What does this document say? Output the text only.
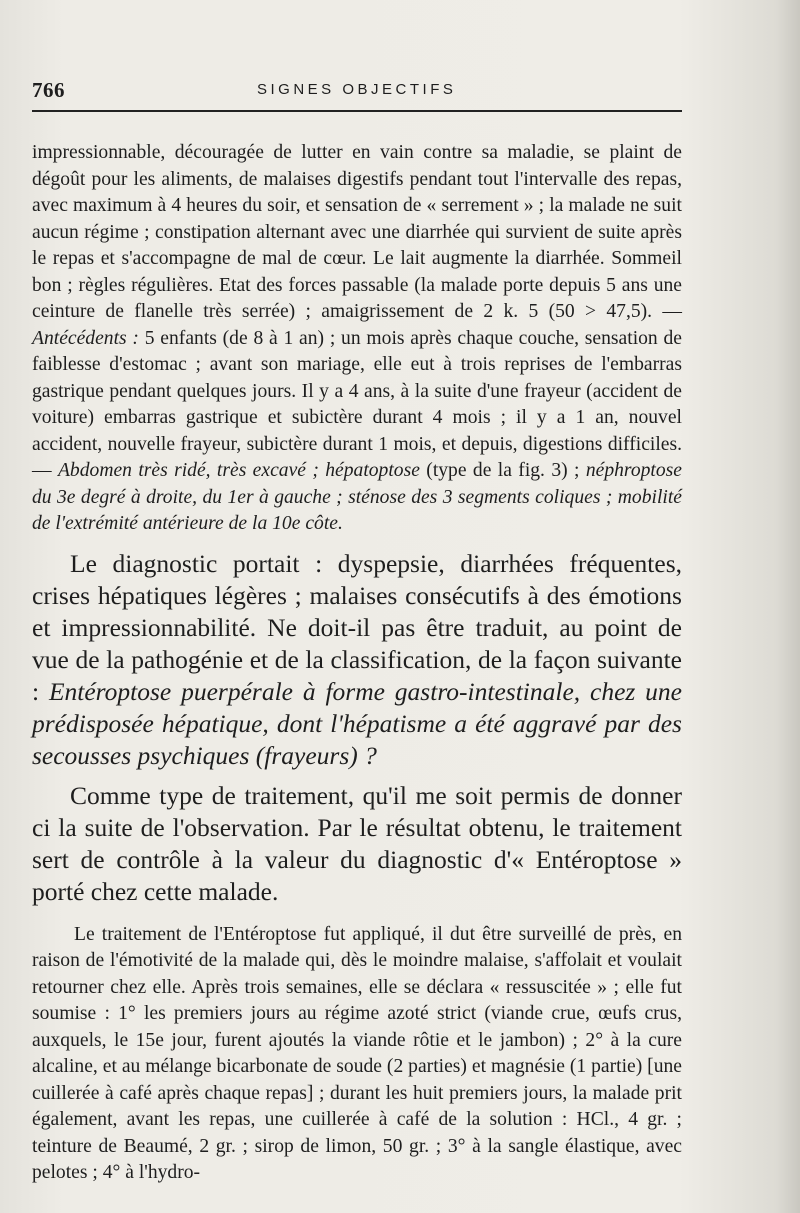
766	SIGNES OBJECTIFS

impressionnable, découragée de lutter en vain contre sa maladie, se plaint de dégoût pour les aliments, de malaises digestifs pendant tout l'intervalle des repas, avec maximum à 4 heures du soir, et sensation de « serrement » ; la malade ne suit aucun régime ; constipation alternant avec une diarrhée qui survient de suite après le repas et s'accompagne de mal de cœur. Le lait augmente la diarrhée. Sommeil bon ; règles régulières. Etat des forces passable (la malade porte depuis 5 ans une ceinture de flanelle très serrée) ; amaigrissement de 2 k. 5 (50 > 47,5). — Antécédents : 5 enfants (de 8 à 1 an) ; un mois après chaque couche, sensation de faiblesse d'estomac ; avant son mariage, elle eut à trois reprises de l'embarras gastrique pendant quelques jours. Il y a 4 ans, à la suite d'une frayeur (accident de voiture) embarras gastrique et subictère durant 4 mois ; il y a 1 an, nouvel accident, nouvelle frayeur, subictère durant 1 mois, et depuis, digestions difficiles. — Abdomen très ridé, très excavé ; hépatoptose (type de la fig. 3) ; néphroptose du 3e degré à droite, du 1er à gauche ; sténose des 3 segments coliques ; mobilité de l'extrémité antérieure de la 10e côte.

Le diagnostic portait : dyspepsie, diarrhées fréquentes, crises hépatiques légères ; malaises consécutifs à des émotions et impressionnabilité. Ne doit-il pas être traduit, au point de vue de la pathogénie et de la classification, de la façon suivante : Entéroptose puerpérale à forme gastro-intestinale, chez une prédisposée hépatique, dont l'hépatisme a été aggravé par des secousses psychiques (frayeurs) ?

Comme type de traitement, qu'il me soit permis de donner ci la suite de l'observation. Par le résultat obtenu, le traitement sert de contrôle à la valeur du diagnostic d'« Entéroptose » porté chez cette malade.

Le traitement de l'Entéroptose fut appliqué, il dut être surveillé de près, en raison de l'émotivité de la malade qui, dès le moindre malaise, s'affolait et voulait retourner chez elle. Après trois semaines, elle se déclara « ressuscitée » ; elle fut soumise : 1° les premiers jours au régime azoté strict (viande crue, œufs crus, auxquels, le 15e jour, furent ajoutés la viande rôtie et le jambon) ; 2° à la cure alcaline, et au mélange bicarbonate de soude (2 parties) et magnésie (1 partie) [une cuillerée à café après chaque repas] ; durant les huit premiers jours, la malade prit également, avant les repas, une cuillerée à café de la solution : HCl., 4 gr. ; teinture de Beaumé, 2 gr. ; sirop de limon, 50 gr. ; 3° à la sangle élastique, avec pelotes ; 4° à l'hydro-
